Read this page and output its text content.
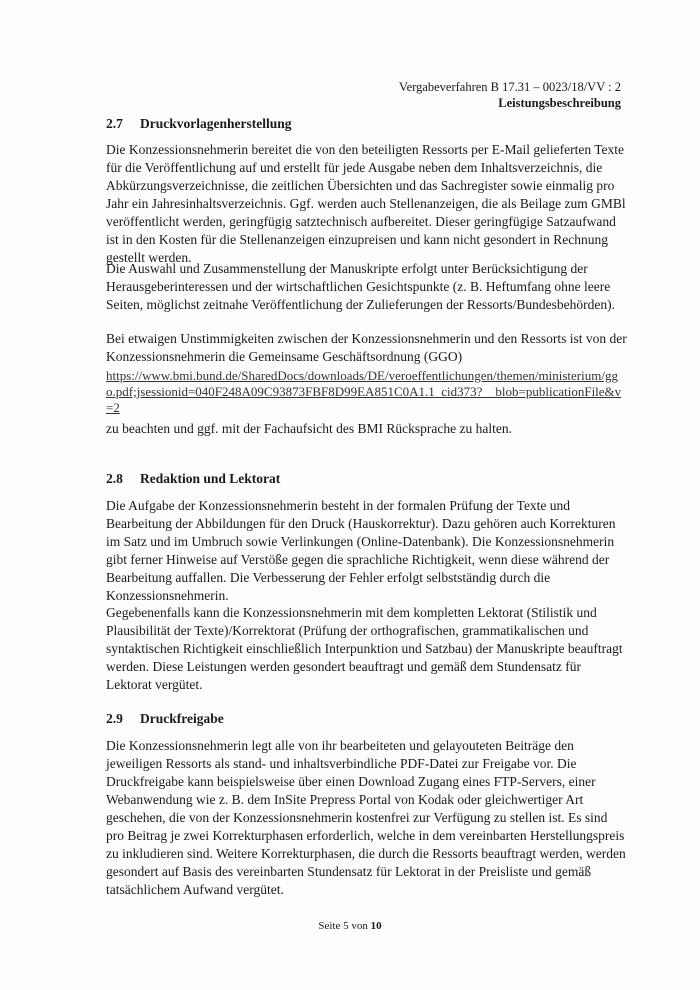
Vergabeverfahren B 17.31 – 0023/18/VV : 2
Leistungsbeschreibung
2.7 Druckvorlagenherstellung

Die Konzessionsnehmerin bereitet die von den beteiligten Ressorts per E-Mail gelieferten Texte für die Veröffentlichung auf und erstellt für jede Ausgabe neben dem Inhaltsverzeichnis, die Abkürzungsverzeichnisse, die zeitlichen Übersichten und das Sachregister sowie einmalig pro Jahr ein Jahresinhaltsverzeichnis. Ggf. werden auch Stellenanzeigen, die als Beilage zum GMBl veröffentlicht werden, geringfügig satztechnisch aufbereitet. Dieser geringfügige Satzaufwand ist in den Kosten für die Stellenanzeigen einzupreisen und kann nicht gesondert in Rechnung gestellt werden.

Die Auswahl und Zusammenstellung der Manuskripte erfolgt unter Berücksichtigung der Herausgeberinteressen und der wirtschaftlichen Gesichtspunkte (z. B. Heftumfang ohne leere Seiten, möglichst zeitnahe Veröffentlichung der Zulieferungen der Ressorts/Bundesbehörden).

Bei etwaigen Unstimmigkeiten zwischen der Konzessionsnehmerin und den Ressorts ist von der Konzessionsnehmerin die Gemeinsame Geschäftsordnung (GGO)

https://www.bmi.bund.de/SharedDocs/downloads/DE/veroeffentlichungen/themen/ministerium/ggo.pdf;jsessionid=040F248A09C93873FBF8D99EA851C0A1.1_cid373?__blob=publicationFile&v=2

zu beachten und ggf. mit der Fachaufsicht des BMI Rücksprache zu halten.

2.8 Redaktion und Lektorat

Die Aufgabe der Konzessionsnehmerin besteht in der formalen Prüfung der Texte und Bearbeitung der Abbildungen für den Druck (Hauskorrektur). Dazu gehören auch Korrekturen im Satz und im Umbruch sowie Verlinkungen (Online-Datenbank). Die Konzessionsnehmerin gibt ferner Hinweise auf Verstöße gegen die sprachliche Richtigkeit, wenn diese während der Bearbeitung auffallen. Die Verbesserung der Fehler erfolgt selbstständig durch die Konzessionsnehmerin.

Gegebenenfalls kann die Konzessionsnehmerin mit dem kompletten Lektorat (Stilistik und Plausibilität der Texte)/Korrektorat (Prüfung der orthografischen, grammatikalischen und syntaktischen Richtigkeit einschließlich Interpunktion und Satzbau) der Manuskripte beauftragt werden. Diese Leistungen werden gesondert beauftragt und gemäß dem Stundensatz für Lektorat vergütet.

2.9 Druckfreigabe

Die Konzessionsnehmerin legt alle von ihr bearbeiteten und gelayouteten Beiträge den jeweiligen Ressorts als stand- und inhaltsverbindliche PDF-Datei zur Freigabe vor. Die Druckfreigabe kann beispielsweise über einen Download Zugang eines FTP-Servers, einer Webanwendung wie z. B. dem InSite Prepress Portal von Kodak oder gleichwertiger Art geschehen, die von der Konzessionsnehmerin kostenfrei zur Verfügung zu stellen ist. Es sind pro Beitrag je zwei Korrekturphasen erforderlich, welche in dem vereinbarten Herstellungspreis zu inkludieren sind. Weitere Korrekturphasen, die durch die Ressorts beauftragt werden, werden gesondert auf Basis des vereinbarten Stundensatz für Lektorat in der Preisliste und gemäß tatsächlichem Aufwand vergütet.

Seite 5 von 10
